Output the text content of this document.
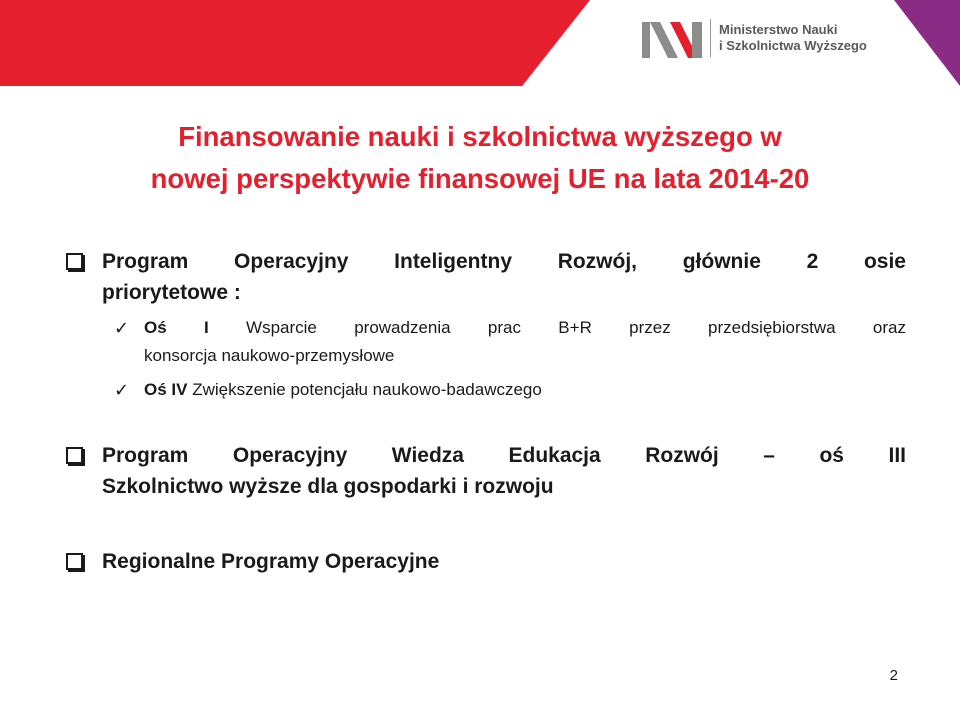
Ministerstwo Nauki
i Szkolnictwa Wyższego
Finansowanie nauki i szkolnictwa wyższego w
nowej perspektywie finansowej UE na lata 2014-20
Program Operacyjny Inteligentny Rozwój, głównie 2 osie
priorytetowe :
✓ Oś I Wsparcie prowadzenia prac B+R przez przedsiębiorstwa oraz
konsorcja naukowo-przemysłowe
✓ Oś IV Zwiększenie potencjału naukowo-badawczego
Program Operacyjny Wiedza Edukacja Rozwój – oś III
Szkolnictwo wyższe dla gospodarki i rozwoju
Regionalne Programy Operacyjne
2
